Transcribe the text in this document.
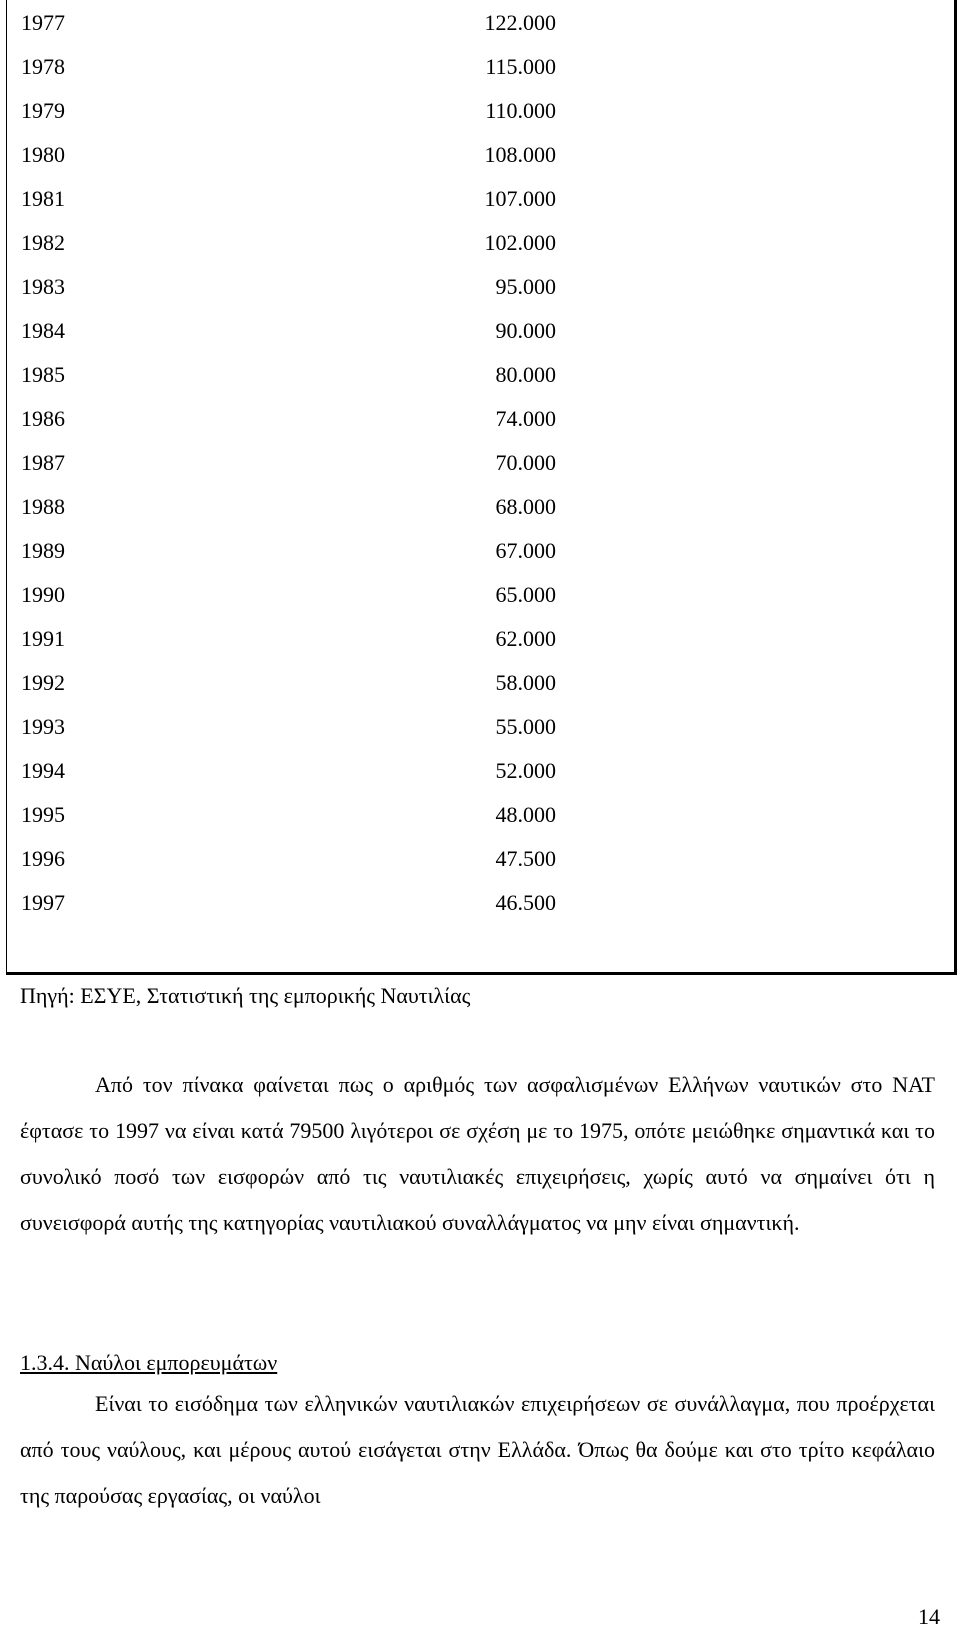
1977	122.000
1978	115.000
1979	110.000
1980	108.000
1981	107.000
1982	102.000
1983	95.000
1984	90.000
1985	80.000
1986	74.000
1987	70.000
1988	68.000
1989	67.000
1990	65.000
1991	62.000
1992	58.000
1993	55.000
1994	52.000
1995	48.000
1996	47.500
1997	46.500
Πηγή: ΕΣΥΕ, Στατιστική της εμπορικής Ναυτιλίας
Από τον πίνακα φαίνεται πως ο αριθμός των ασφαλισμένων Ελλήνων ναυτικών στο ΝΑΤ έφτασε το 1997 να είναι κατά 79500 λιγότεροι σε σχέση με το 1975, οπότε μειώθηκε σημαντικά και το συνολικό ποσό των εισφορών από τις ναυτιλιακές επιχειρήσεις, χωρίς αυτό να σημαίνει ότι η συνεισφορά αυτής της κατηγορίας ναυτιλιακού συναλλάγματος να μην είναι σημαντική.
1.3.4. Ναύλοι εμπορευμάτων
Είναι το εισόδημα των ελληνικών ναυτιλιακών επιχειρήσεων σε συνάλλαγμα, που προέρχεται από τους ναύλους, και μέρους αυτού εισάγεται στην Ελλάδα. Όπως θα δούμε και στο τρίτο κεφάλαιο της παρούσας εργασίας, οι ναύλοι
14
